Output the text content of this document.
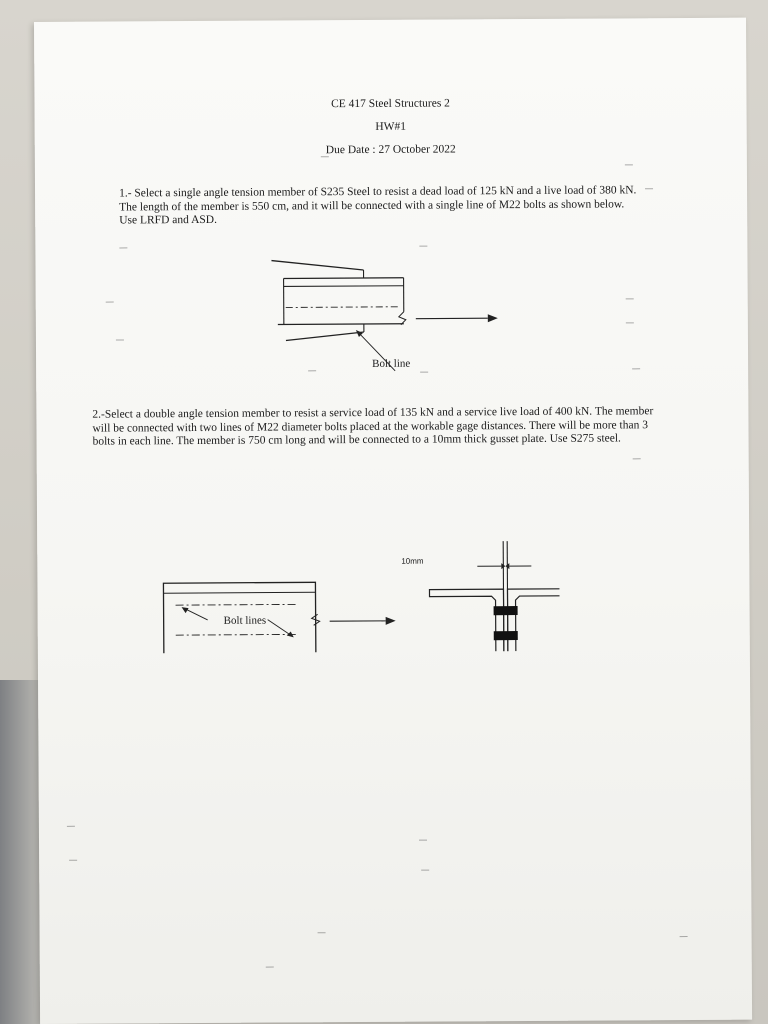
CE 417 Steel Structures 2
HW#1
Due Date : 27 October 2022

1.- Select a single angle tension member of S235 Steel to resist a dead load of 125 kN and a live load of 380 kN. The length of the member is 550 cm, and it will be connected with a single line of M22 bolts as shown below. Use LRFD and ASD.

Bolt line

2.-Select a double angle tension member to resist a service load of 135 kN and a service live load of 400 kN. The member will be connected with two lines of M22 diameter bolts placed at the workable gage distances. There will be more than 3 bolts in each line. The member is 750 cm long and will be connected to a 10mm thick gusset plate. Use S275 steel.

Bolt lines
10mm
